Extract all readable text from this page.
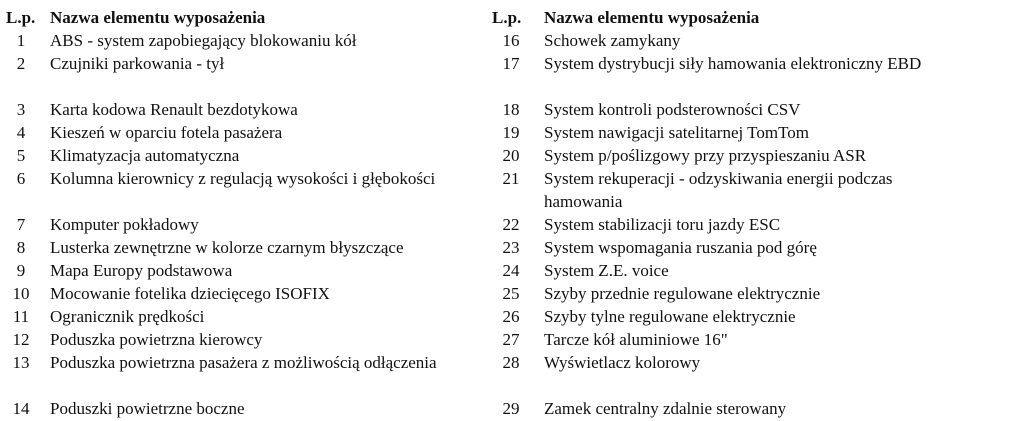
L.p. Nazwa elementu wyposażenia
1	ABS - system zapobiegający blokowaniu kół
2	Czujniki parkowania - tył
3	Karta kodowa Renault bezdotykowa
4	Kieszeń w oparciu fotela pasażera
5	Klimatyzacja automatyczna
6	Kolumna kierownicy z regulacją wysokości i głębokości
7	Komputer pokładowy
8	Lusterka zewnętrzne w kolorze czarnym błyszczące
9	Mapa Europy podstawowa
10	Mocowanie fotelika dziecięcego ISOFIX
11	Ogranicznik prędkości
12	Poduszka powietrzna kierowcy
13	Poduszka powietrzna pasażera z możliwością odłączenia
14	Poduszki powietrzne boczne
L.p.	Nazwa elementu wyposażenia
16	Schowek zamykany
17	System dystrybucji siły hamowania elektroniczny EBD
18	System kontroli podsterowności CSV
19	System nawigacji satelitarnej TomTom
20	System p/poślizgowy przy przyspieszaniu ASR
21	System rekuperacji - odzyskiwania energii podczas hamowania
22	System stabilizacji toru jazdy ESC
23	System wspomagania ruszania pod górę
24	System Z.E. voice
25	Szyby przednie regulowane elektrycznie
26	Szyby tylne regulowane elektrycznie
27	Tarcze kół aluminiowe 16"
28	Wyświetlacz kolorowy
29	Zamek centralny zdalnie sterowany
